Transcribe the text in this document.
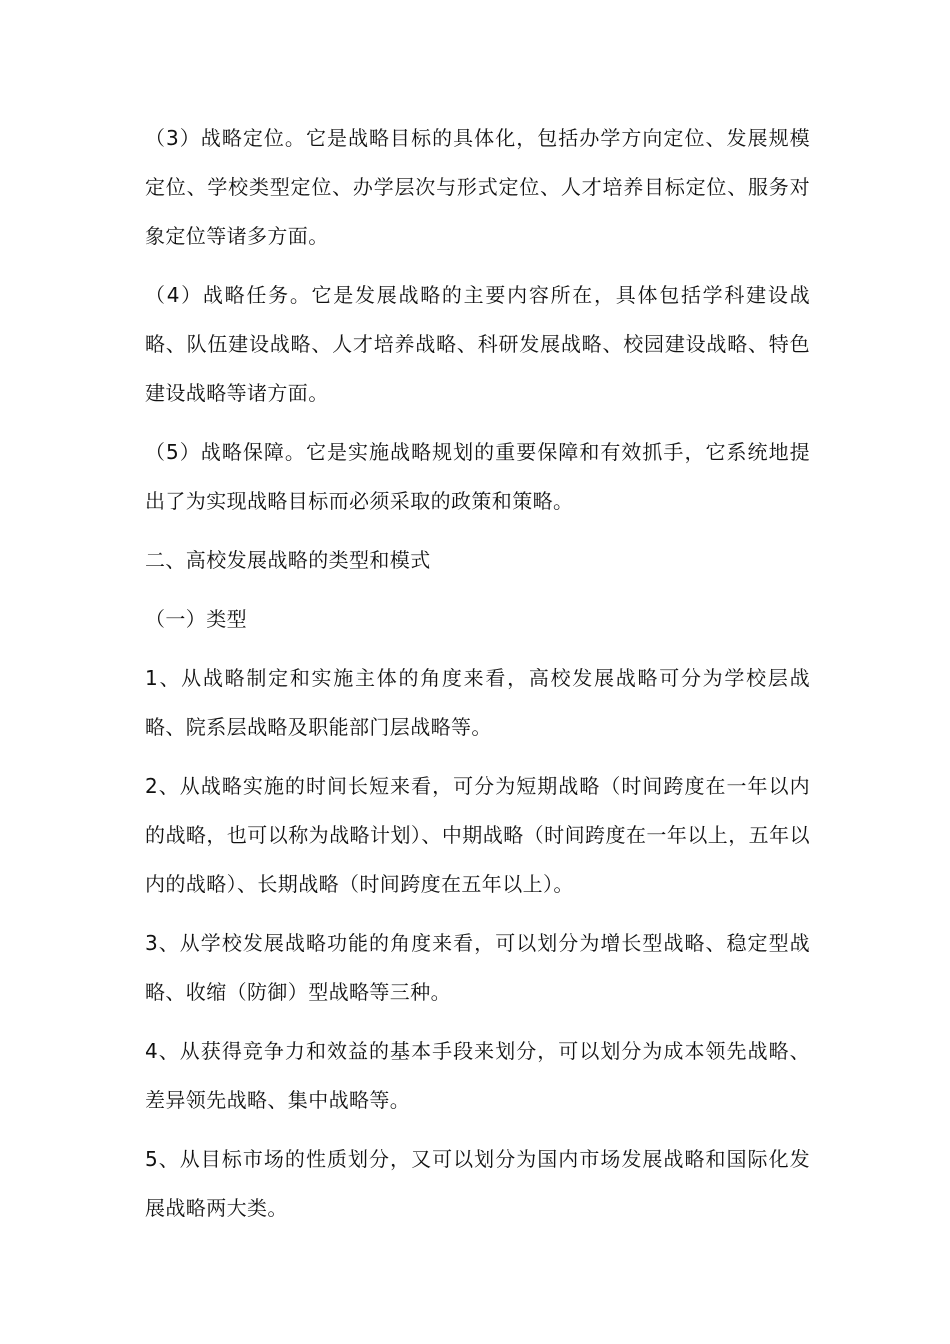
（3）战略定位。它是战略目标的具体化，包括办学方向定位、发展规模定位、学校类型定位、办学层次与形式定位、人才培养目标定位、服务对象定位等诸多方面。

（4）战略任务。它是发展战略的主要内容所在，具体包括学科建设战略、队伍建设战略、人才培养战略、科研发展战略、校园建设战略、特色建设战略等诸方面。

（5）战略保障。它是实施战略规划的重要保障和有效抓手，它系统地提出了为实现战略目标而必须采取的政策和策略。

二、高校发展战略的类型和模式

（一）类型

1、从战略制定和实施主体的角度来看，高校发展战略可分为学校层战略、院系层战略及职能部门层战略等。

2、从战略实施的时间长短来看，可分为短期战略（时间跨度在一年以内的战略，也可以称为战略计划）、中期战略（时间跨度在一年以上，五年以内的战略）、长期战略（时间跨度在五年以上）。

3、从学校发展战略功能的角度来看，可以划分为增长型战略、稳定型战略、收缩（防御）型战略等三种。

4、从获得竞争力和效益的基本手段来划分，可以划分为成本领先战略、差异领先战略、集中战略等。

5、从目标市场的性质划分，又可以划分为国内市场发展战略和国际化发展战略两大类。
